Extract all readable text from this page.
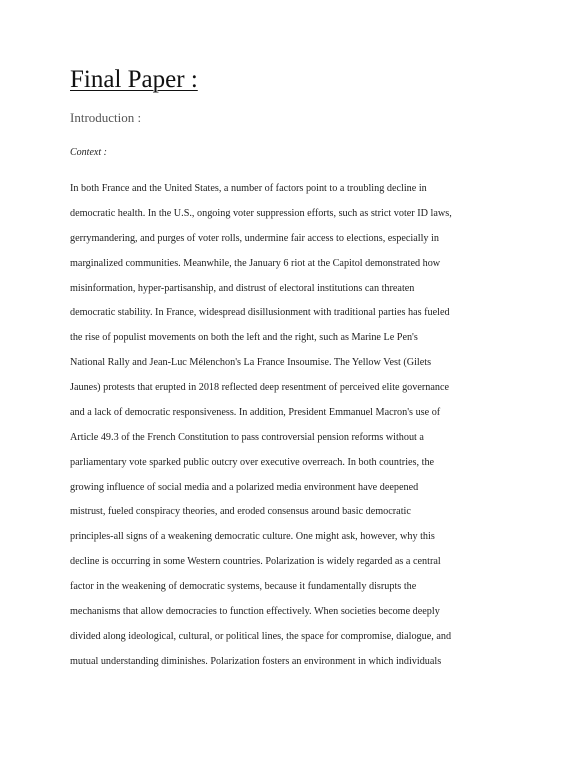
Final Paper :
Introduction :
Context :
In both France and the United States, a number of factors point to a troubling decline in
democratic health. In the U.S., ongoing voter suppression efforts, such as strict voter ID laws,
gerrymandering, and purges of voter rolls, undermine fair access to elections, especially in
marginalized communities. Meanwhile, the January 6 riot at the Capitol demonstrated how
misinformation, hyper-partisanship, and distrust of electoral institutions can threaten
democratic stability. In France, widespread disillusionment with traditional parties has fueled
the rise of populist movements on both the left and the right, such as Marine Le Pen's
National Rally and Jean-Luc Mélenchon's La France Insoumise. The Yellow Vest (Gilets
Jaunes) protests that erupted in 2018 reflected deep resentment of perceived elite governance
and a lack of democratic responsiveness. In addition, President Emmanuel Macron's use of
Article 49.3 of the French Constitution to pass controversial pension reforms without a
parliamentary vote sparked public outcry over executive overreach. In both countries, the
growing influence of social media and a polarized media environment have deepened
mistrust, fueled conspiracy theories, and eroded consensus around basic democratic
principles-all signs of a weakening democratic culture. One might ask, however, why this
decline is occurring in some Western countries. Polarization is widely regarded as a central
factor in the weakening of democratic systems, because it fundamentally disrupts the
mechanisms that allow democracies to function effectively. When societies become deeply
divided along ideological, cultural, or political lines, the space for compromise, dialogue, and
mutual understanding diminishes. Polarization fosters an environment in which individuals
